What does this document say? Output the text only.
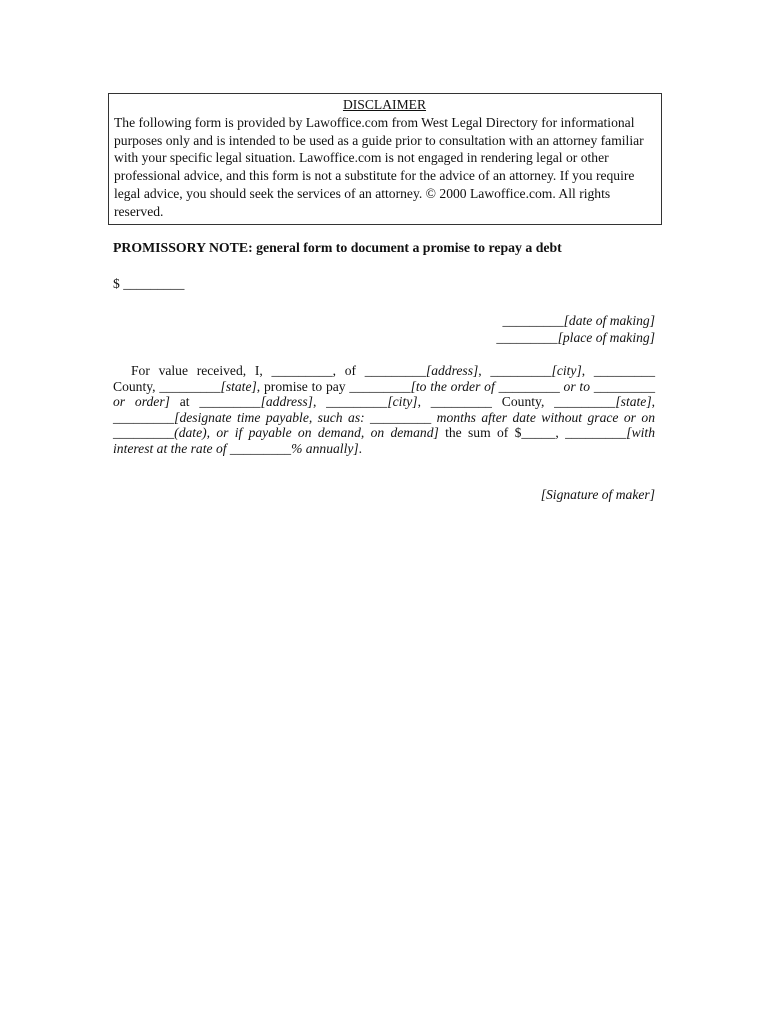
DISCLAIMER
The following form is provided by Lawoffice.com from West Legal Directory for informational purposes only and is intended to be used as a guide prior to consultation with an attorney familiar with your specific legal situation. Lawoffice.com is not engaged in rendering legal or other professional advice, and this form is not a substitute for the advice of an attorney. If you require legal advice, you should seek the services of an attorney. © 2000 Lawoffice.com. All rights reserved.
PROMISSORY NOTE: general form to document a promise to repay a debt
$ _________
_________[date of making]
_________[place of making]
For value received, I, _________, of _________[address], _________[city], _________ County, _________[state], promise to pay _________[to the order of _________ or to _________ or order] at _________[address], _________[city], _________ County, _________[state], _________[designate time payable, such as: _________ months after date without grace or on _________(date), or if payable on demand, on demand] the sum of $_____, _________[with interest at the rate of _________% annually].
[Signature of maker]
